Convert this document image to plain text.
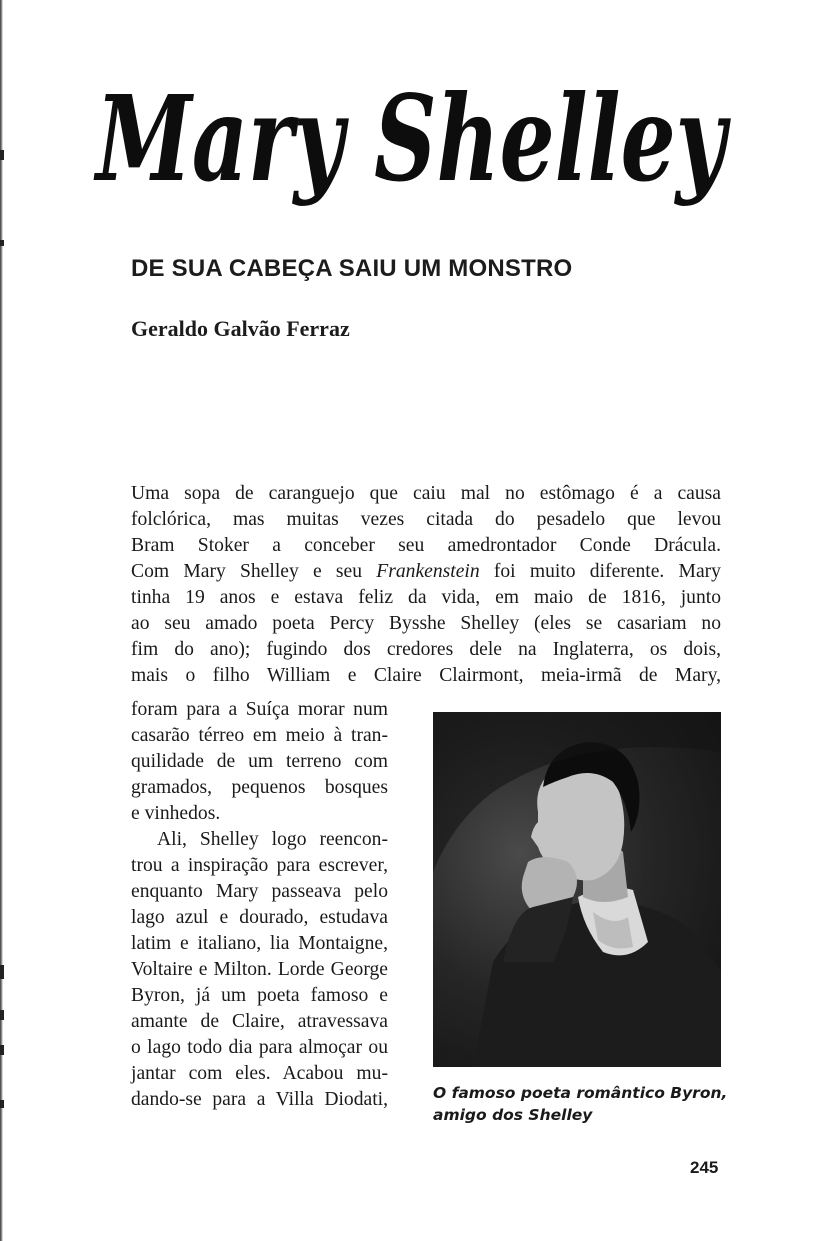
Mary Shelley
DE SUA CABEÇA SAIU UM MONSTRO
Geraldo Galvão Ferraz
Uma sopa de caranguejo que caiu mal no estômago é a causa
folclórica, mas muitas vezes citada do pesadelo que levou
Bram Stoker a conceber seu amedrontador Conde Drácula.
Com Mary Shelley e seu Frankenstein foi muito diferente. Mary
tinha 19 anos e estava feliz da vida, em maio de 1816, junto
ao seu amado poeta Percy Bysshe Shelley (eles se casariam no
fim do ano); fugindo dos credores dele na Inglaterra, os dois,
mais o filho William e Claire Clairmont, meia-irmã de Mary,
foram para a Suíça morar num
casarão térreo em meio à tran-
quilidade de um terreno com
gramados, pequenos bosques
e vinhedos.
Ali, Shelley logo reencon-
trou a inspiração para escrever,
enquanto Mary passeava pelo
lago azul e dourado, estudava
latim e italiano, lia Montaigne,
Voltaire e Milton. Lorde George
Byron, já um poeta famoso e
amante de Claire, atravessava
o lago todo dia para almoçar ou
jantar com eles. Acabou mu-
dando-se para a Villa Diodati,	O famoso poeta romântico Byron,
amigo dos Shelley
245
